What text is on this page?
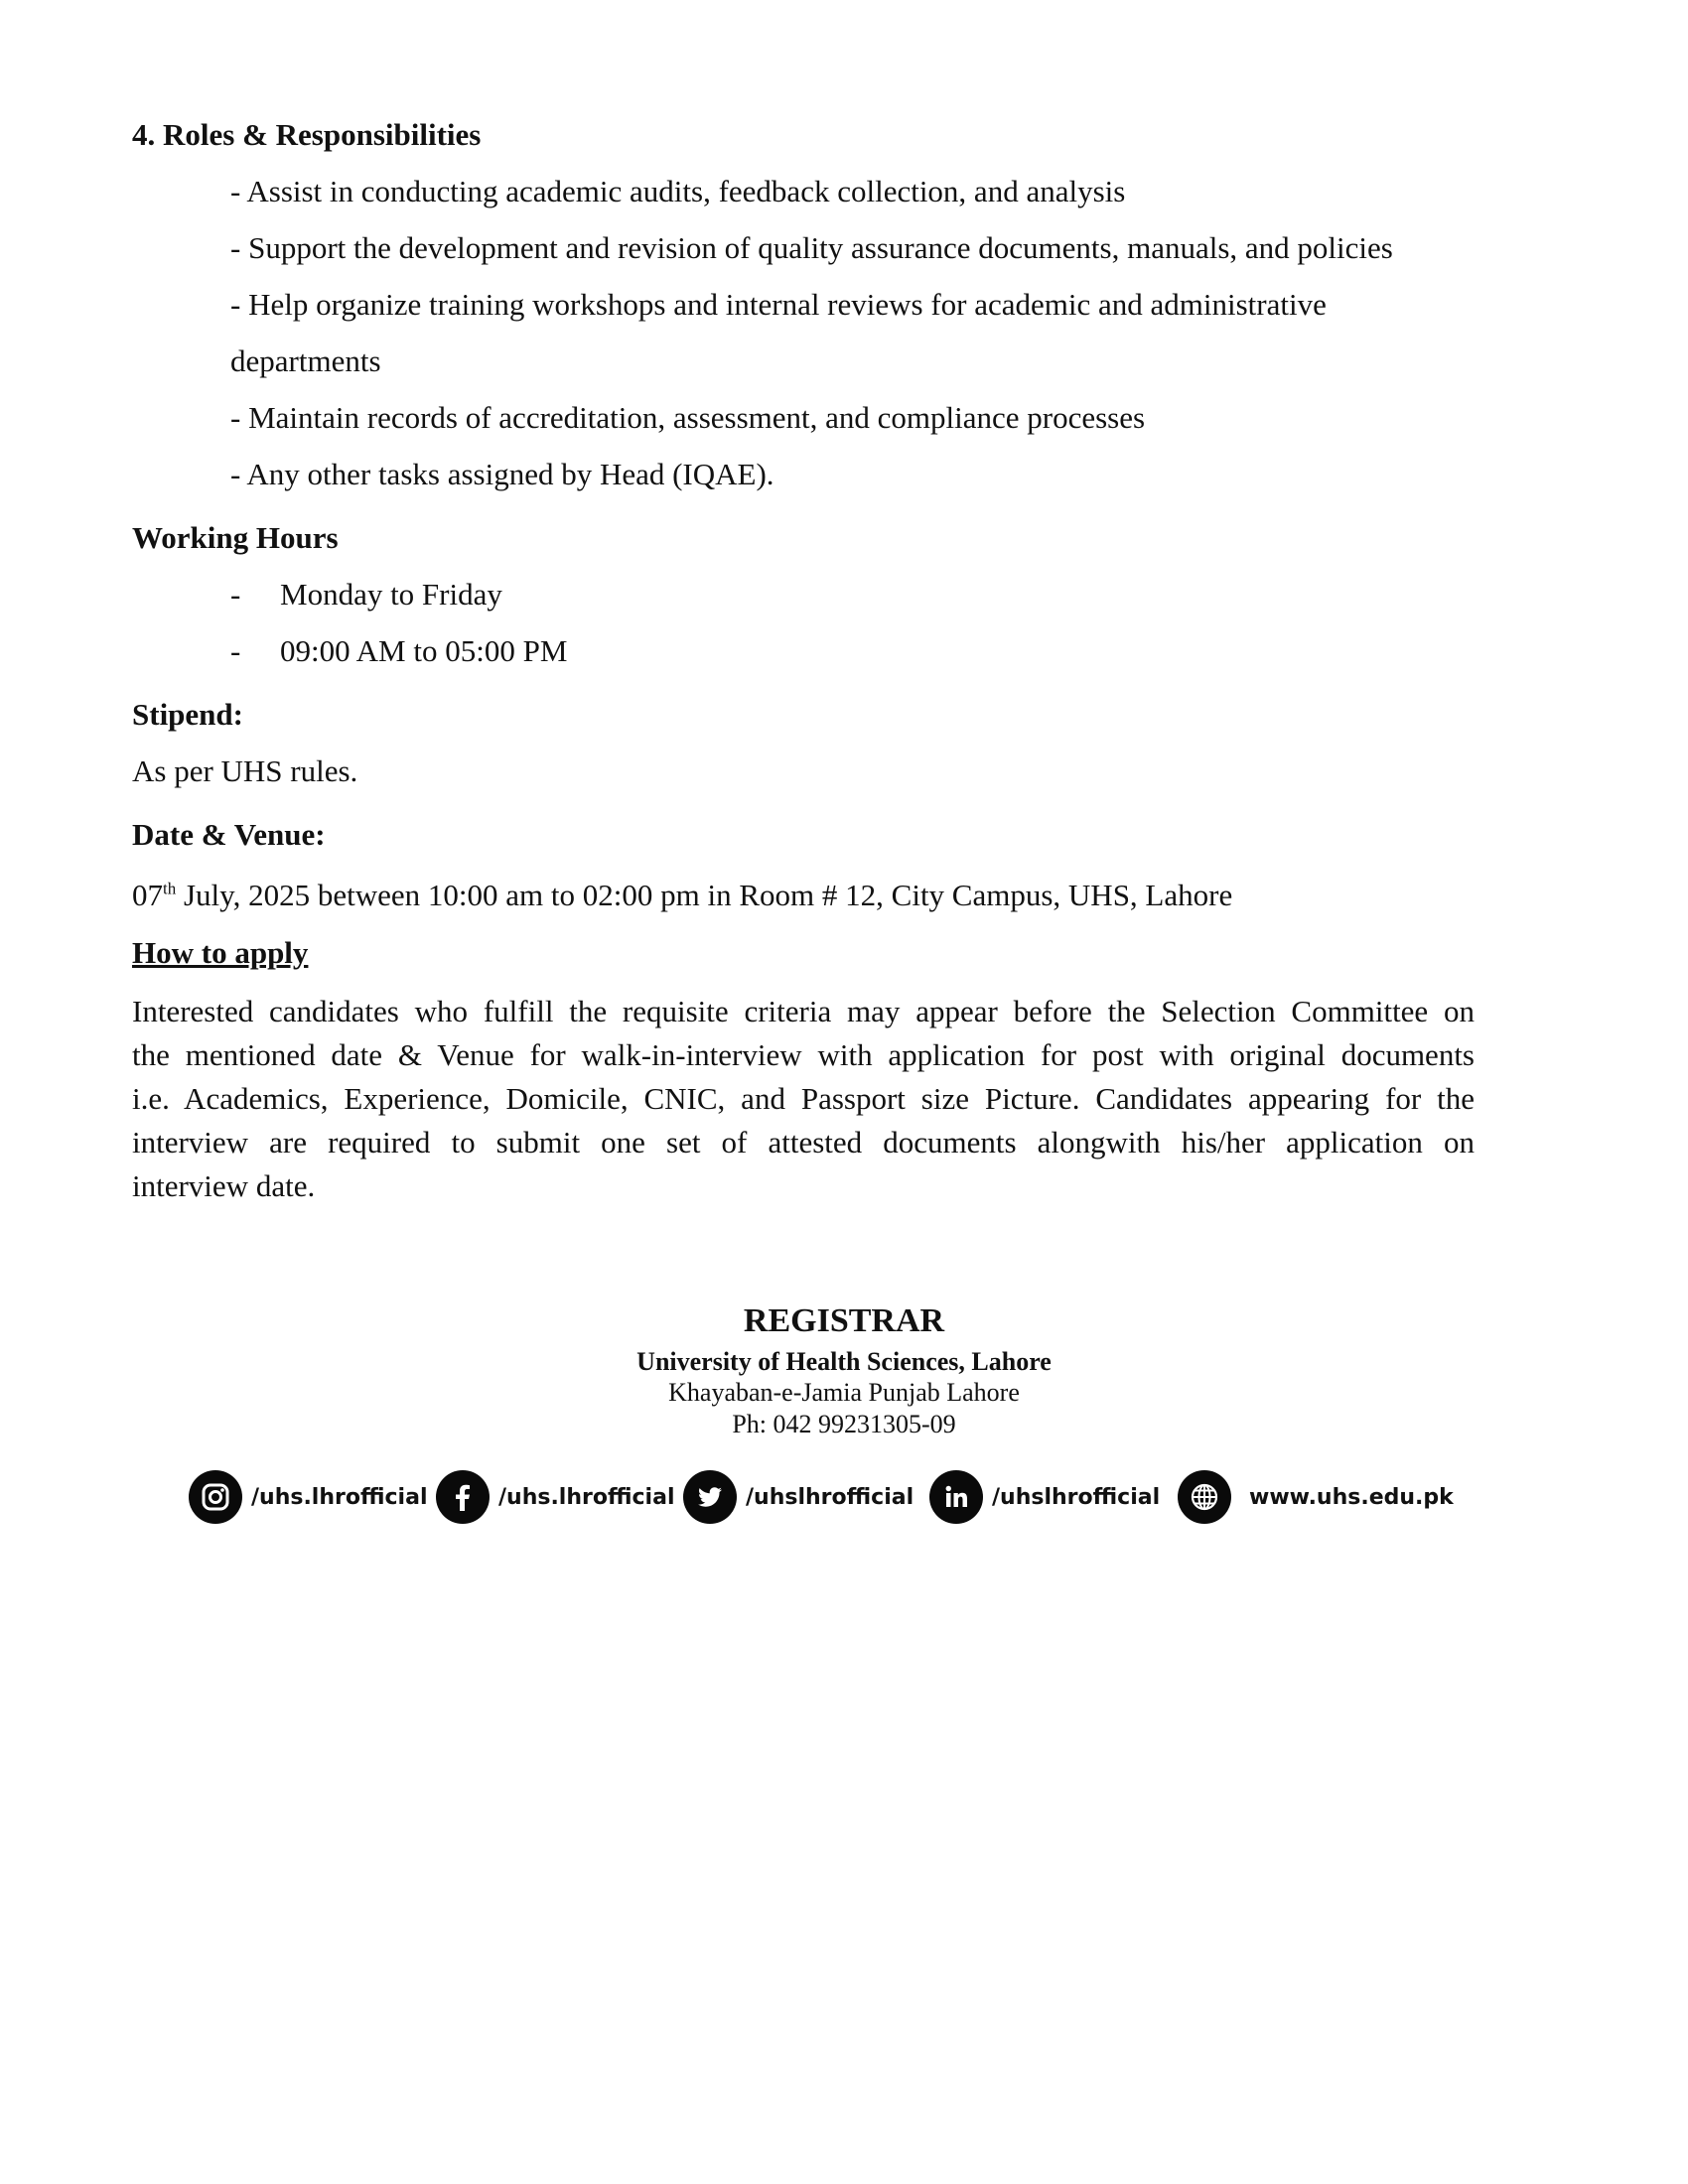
4. Roles & Responsibilities
- Assist in conducting academic audits, feedback collection, and analysis
- Support the development and revision of quality assurance documents, manuals, and policies
- Help organize training workshops and internal reviews for academic and administrative
departments
- Maintain records of accreditation, assessment, and compliance processes
- Any other tasks assigned by Head (IQAE).
Working Hours
- Monday to Friday
- 09:00 AM to 05:00 PM
Stipend:
As per UHS rules.
Date & Venue:
07th July, 2025 between 10:00 am to 02:00 pm in Room # 12, City Campus, UHS, Lahore
How to apply
Interested candidates who fulfill the requisite criteria may appear before the Selection Committee on
the mentioned date & Venue for walk-in-interview with application for post with original documents
i.e. Academics, Experience, Domicile, CNIC, and Passport size Picture. Candidates appearing for the
interview are required to submit one set of attested documents alongwith his/her application on
interview date.
REGISTRAR
University of Health Sciences, Lahore
Khayaban-e-Jamia Punjab Lahore
Ph: 042 99231305-09
/uhs.lhrofficial	/uhs.lhrofficial	/uhslhrofficial	/uhslhrofficial	www.uhs.edu.pk
